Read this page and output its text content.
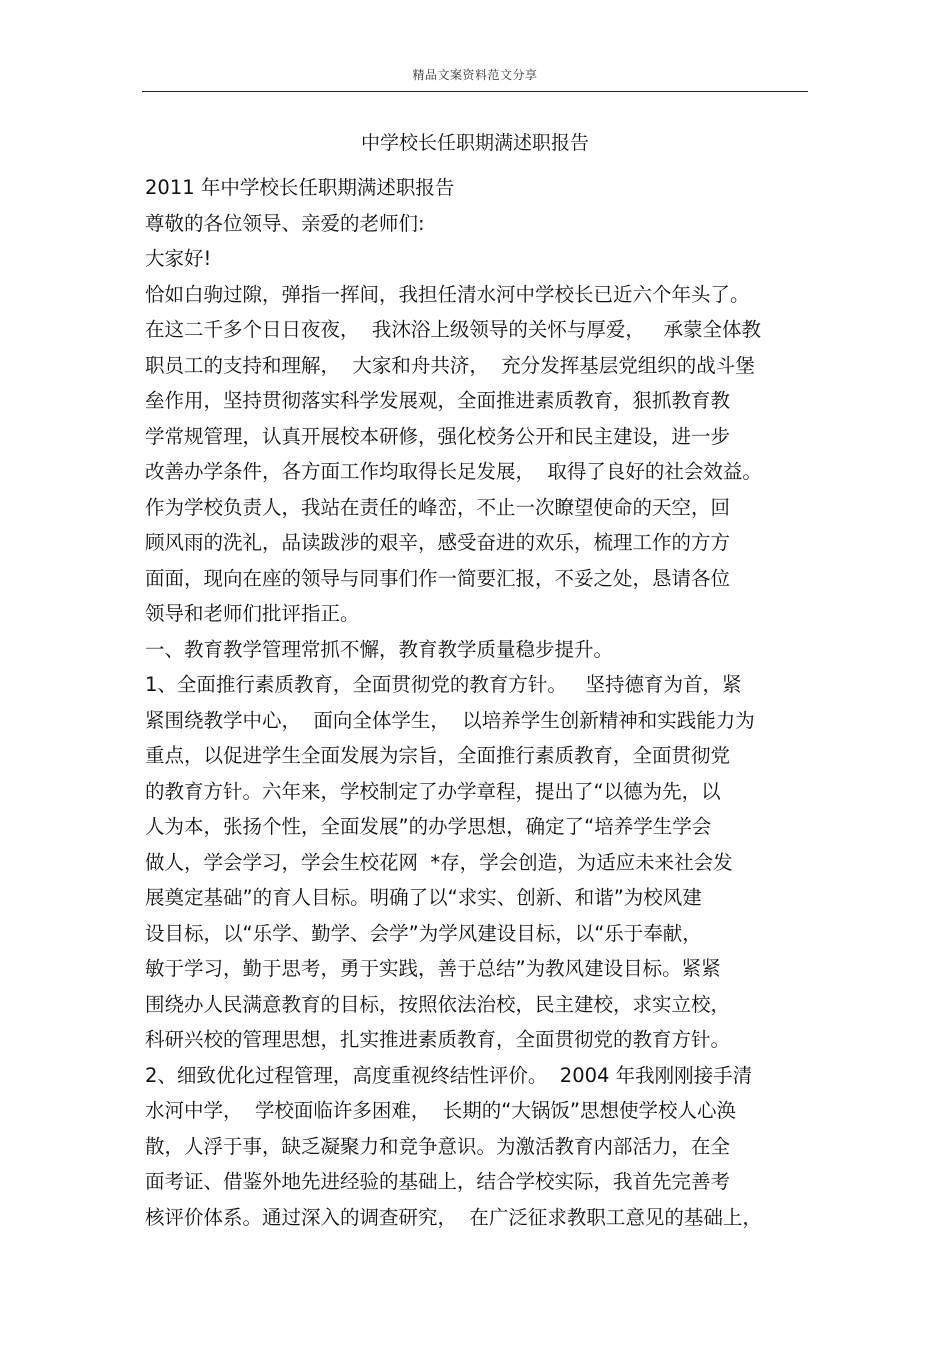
精品文案资料范文分享
中学校长任职期满述职报告
2011 年中学校长任职期满述职报告
尊敬的各位领导、亲爱的老师们:
大家好!
恰如白驹过隙，弹指一挥间，我担任清水河中学校长已近六个年头了。
在这二千多个日日夜夜，  我沐浴上级领导的关怀与厚爱，   承蒙全体教
职员工的支持和理解，  大家和舟共济，  充分发挥基层党组织的战斗堡
垒作用，坚持贯彻落实科学发展观，全面推进素质教育，狠抓教育教
学常规管理，认真开展校本研修，强化校务公开和民主建设，进一步
改善办学条件，各方面工作均取得长足发展，  取得了良好的社会效益。
作为学校负责人，我站在责任的峰峦，不止一次瞭望使命的天空，回
顾风雨的洗礼，品读跋涉的艰辛，感受奋进的欢乐，梳理工作的方方
面面，现向在座的领导与同事们作一简要汇报，不妥之处，恳请各位
领导和老师们批评指正。
一、教育教学管理常抓不懈，教育教学质量稳步提升。
1、全面推行素质教育，全面贯彻党的教育方针。   坚持德育为首，紧
紧围绕教学中心，  面向全体学生，  以培养学生创新精神和实践能力为
重点，以促进学生全面发展为宗旨，全面推行素质教育，全面贯彻党
的教育方针。六年来，学校制定了办学章程，提出了“以德为先，以
人为本，张扬个性，全面发展”的办学思想，确定了“培养学生学会
做人，学会学习，学会生校花网  *存，学会创造，为适应未来社会发
展奠定基础”的育人目标。明确了以“求实、创新、和谐”为校风建
设目标，以“乐学、勤学、会学”为学风建设目标，以“乐于奉献，
敏于学习，勤于思考，勇于实践，善于总结”为教风建设目标。紧紧
围绕办人民满意教育的目标，按照依法治校，民主建校，求实立校，
科研兴校的管理思想，扎实推进素质教育，全面贯彻党的教育方针。
2、细致优化过程管理，高度重视终结性评价。  2004 年我刚刚接手清
水河中学，  学校面临许多困难，  长期的“大锅饭”思想使学校人心涣
散，人浮于事，缺乏凝聚力和竞争意识。为激活教育内部活力，在全
面考证、借鉴外地先进经验的基础上，结合学校实际，我首先完善考
核评价体系。通过深入的调查研究，  在广泛征求教职工意见的基础上，
